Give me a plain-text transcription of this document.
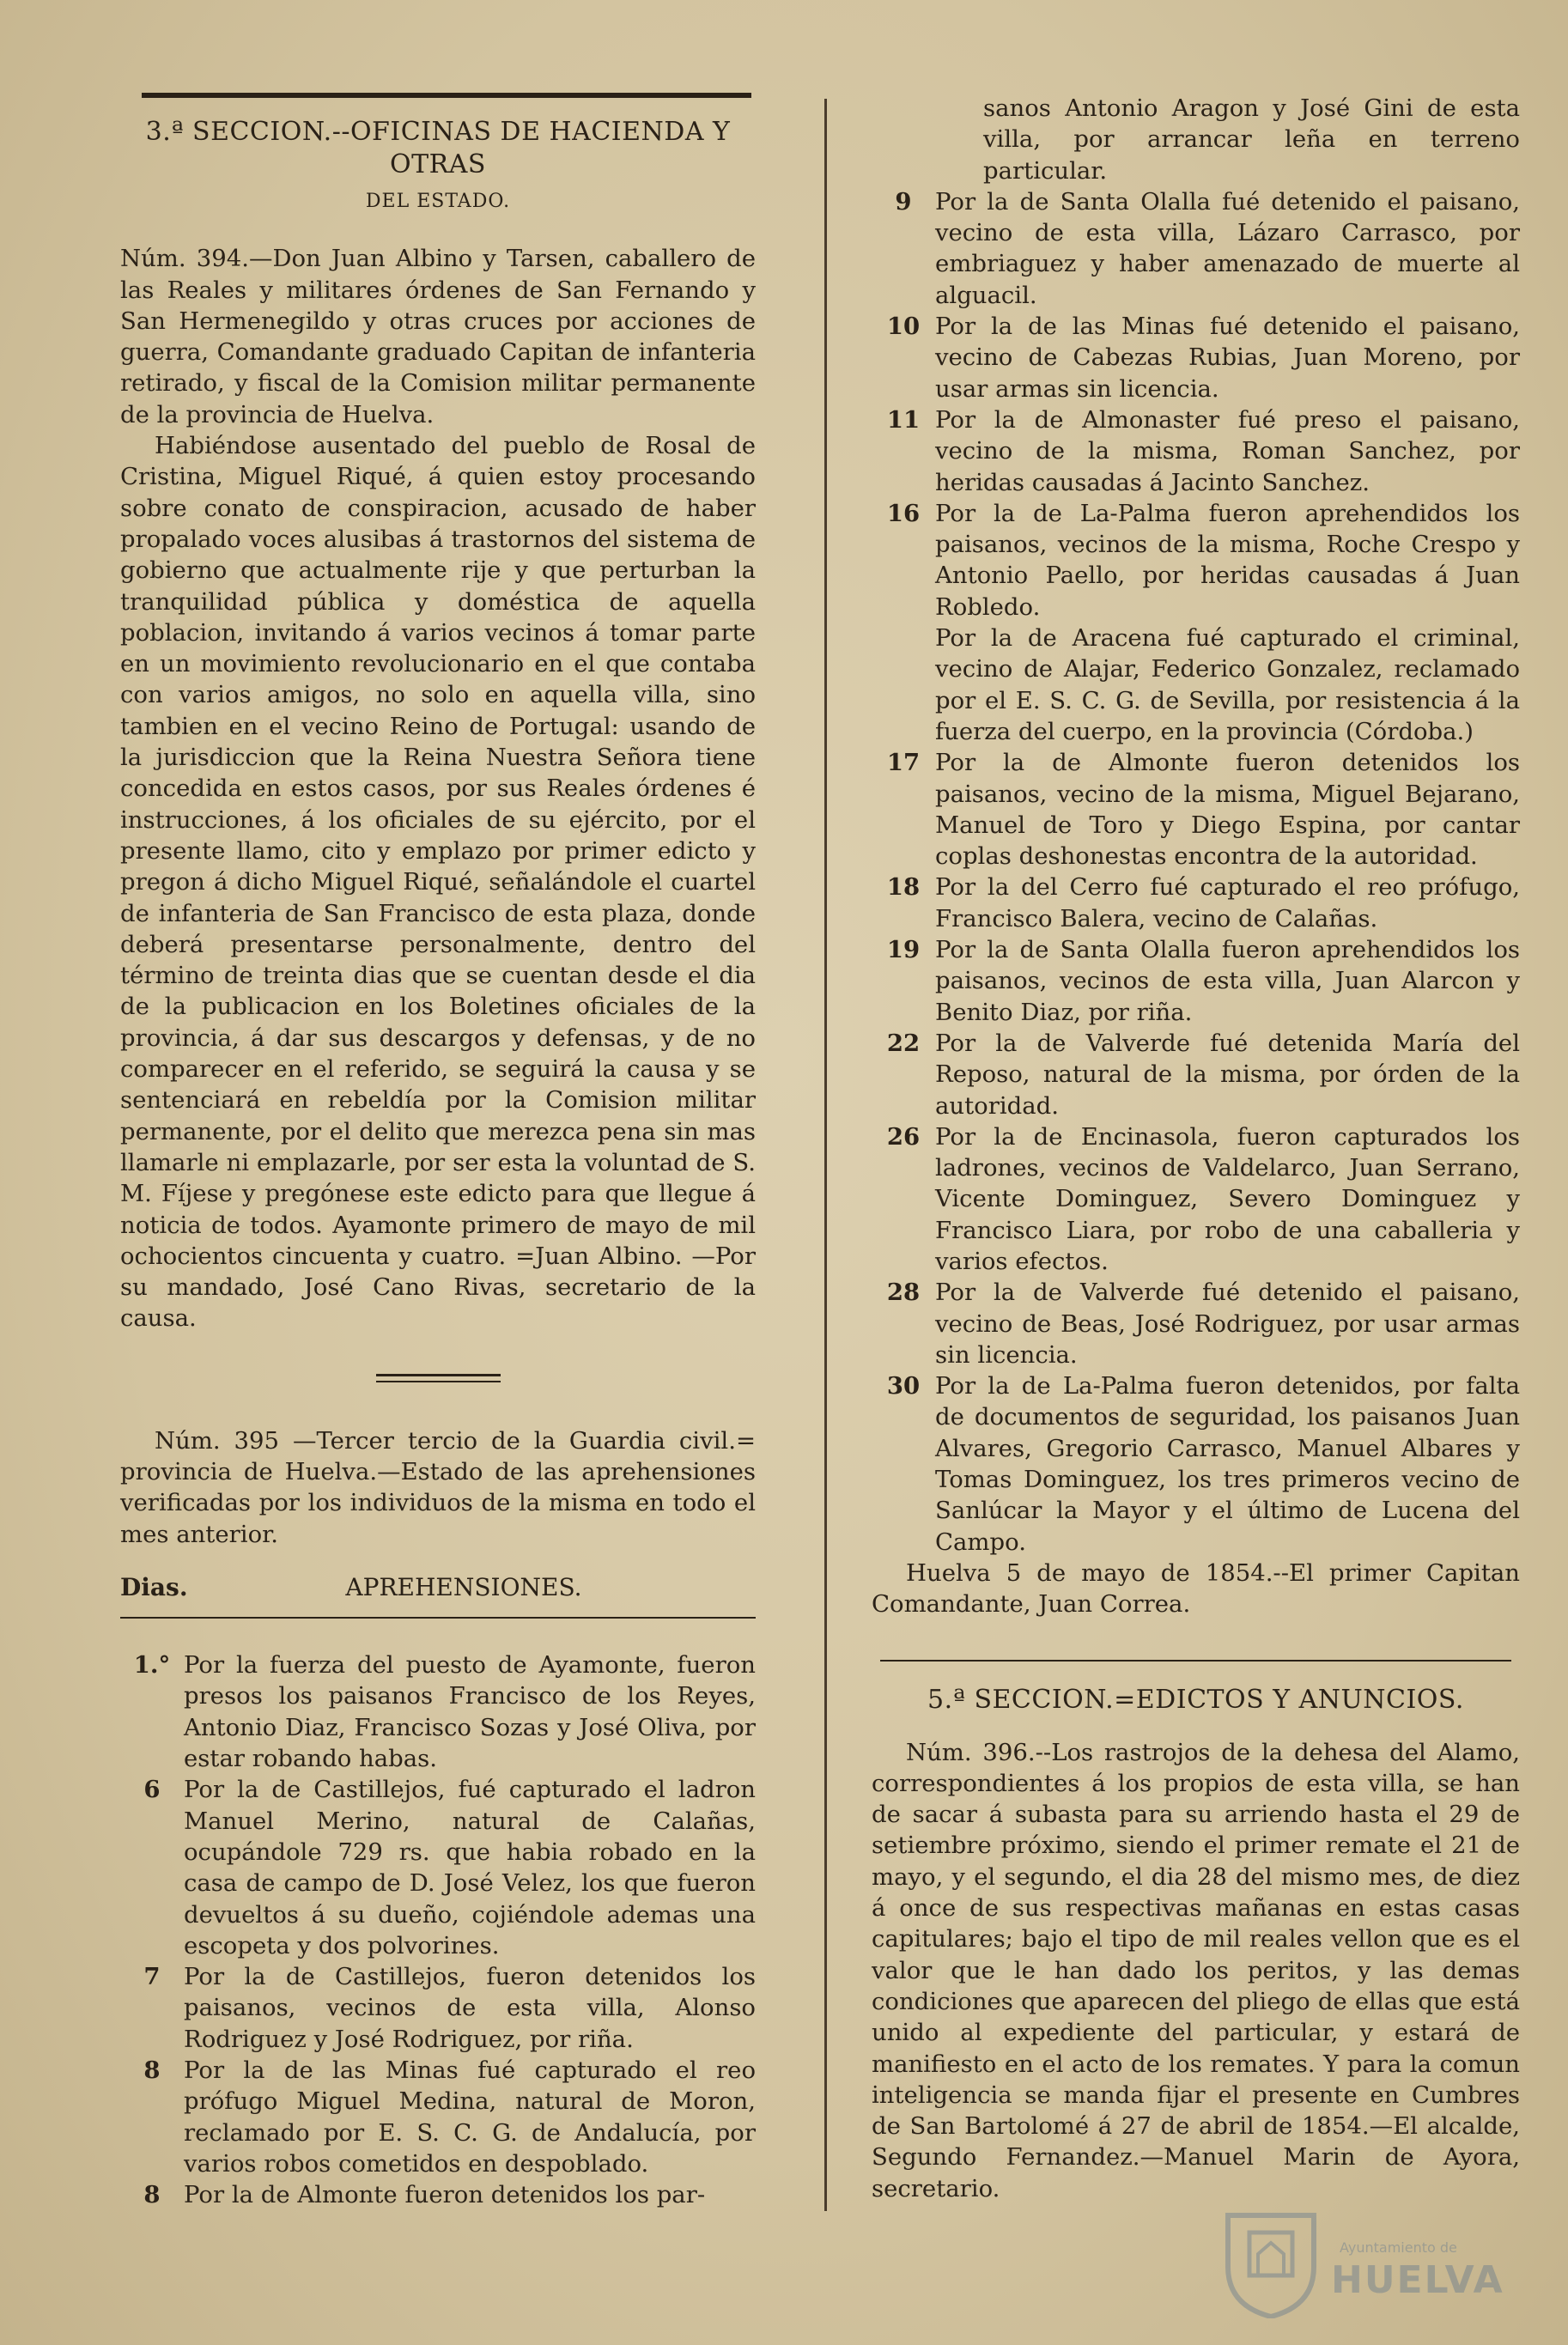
3.ª SECCION.--OFICINAS DE HACIENDA Y OTRAS
DEL ESTADO.

Núm. 394.—Don Juan Albino y Tarsen, caballero de las Reales y militares órdenes de San Fernando y San Hermenegildo y otras cruces por acciones de guerra, Comandante graduado Capitan de infanteria retirado, y fiscal de la Comision militar permanente de la provincia de Huelva.

Habiéndose ausentado del pueblo de Rosal de Cristina, Miguel Riqué, á quien estoy procesando sobre conato de conspiracion, acusado de haber propalado voces alusibas á trastornos del sistema de gobierno que actualmente rije y que perturban la tranquilidad pública y doméstica de aquella poblacion, invitando á varios vecinos á tomar parte en un movimiento revolucionario en el que contaba con varios amigos, no solo en aquella villa, sino tambien en el vecino Reino de Portugal: usando de la jurisdiccion que la Reina Nuestra Señora tiene concedida en estos casos, por sus Reales órdenes é instrucciones, á los oficiales de su ejército, por el presente llamo, cito y emplazo por primer edicto y pregon á dicho Miguel Riqué, señalándole el cuartel de infanteria de San Francisco de esta plaza, donde deberá presentarse personalmente, dentro del término de treinta dias que se cuentan desde el dia de la publicacion en los Boletines oficiales de la provincia, á dar sus descargos y defensas, y de no comparecer en el referido, se seguirá la causa y se sentenciará en rebeldía por la Comision militar permanente, por el delito que merezca pena sin mas llamarle ni emplazarle, por ser esta la voluntad de S. M. Fíjese y pregónese este edicto para que llegue á noticia de todos. Ayamonte primero de mayo de mil ochocientos cincuenta y cuatro. =Juan Albino. —Por su mandado, José Cano Rivas, secretario de la causa.

Núm. 395 —Tercer tercio de la Guardia civil.= provincia de Huelva.—Estado de las aprehensiones verificadas por los individuos de la misma en todo el mes anterior.

Dias.	APREHENSIONES.
1.° Por la fuerza del puesto de Ayamonte, fueron presos los paisanos Francisco de los Reyes, Antonio Diaz, Francisco Sozas y José Oliva, por estar robando habas.
6 Por la de Castillejos, fué capturado el ladron Manuel Merino, natural de Calañas, ocupándole 729 rs. que habia robado en la casa de campo de D. José Velez, los que fueron devueltos á su dueño, cojiéndole ademas una escopeta y dos polvorines.
7 Por la de Castillejos, fueron detenidos los paisanos, vecinos de esta villa, Alonso Rodriguez y José Rodriguez, por riña.
8 Por la de las Minas fué capturado el reo prófugo Miguel Medina, natural de Moron, reclamado por E. S. C. G. de Andalucía, por varios robos cometidos en despoblado.
8 Por la de Almonte fueron detenidos los par-

sanos Antonio Aragon y José Gini de esta villa, por arrancar leña en terreno particular.

9 Por la de Santa Olalla fué detenido el paisano, vecino de esta villa, Lázaro Carrasco, por embriaguez y haber amenazado de muerte al alguacil.
10 Por la de las Minas fué detenido el paisano, vecino de Cabezas Rubias, Juan Moreno, por usar armas sin licencia.
11 Por la de Almonaster fué preso el paisano, vecino de la misma, Roman Sanchez, por heridas causadas á Jacinto Sanchez.
16 Por la de La-Palma fueron aprehendidos los paisanos, vecinos de la misma, Roche Crespo y Antonio Paello, por heridas causadas á Juan Robledo.
Por la de Aracena fué capturado el criminal, vecino de Alajar, Federico Gonzalez, reclamado por el E. S. C. G. de Sevilla, por resistencia á la fuerza del cuerpo, en la provincia (Córdoba.)
17 Por la de Almonte fueron detenidos los paisanos, vecino de la misma, Miguel Bejarano, Manuel de Toro y Diego Espina, por cantar coplas deshonestas encontra de la autoridad.
18 Por la del Cerro fué capturado el reo prófugo, Francisco Balera, vecino de Calañas.
19 Por la de Santa Olalla fueron aprehendidos los paisanos, vecinos de esta villa, Juan Alarcon y Benito Diaz, por riña.
22 Por la de Valverde fué detenida María del Reposo, natural de la misma, por órden de la autoridad.
26 Por la de Encinasola, fueron capturados los ladrones, vecinos de Valdelarco, Juan Serrano, Vicente Dominguez, Severo Dominguez y Francisco Liara, por robo de una caballeria y varios efectos.
28 Por la de Valverde fué detenido el paisano, vecino de Beas, José Rodriguez, por usar armas sin licencia.
30 Por la de La-Palma fueron detenidos, por falta de documentos de seguridad, los paisanos Juan Alvares, Gregorio Carrasco, Manuel Albares y Tomas Dominguez, los tres primeros vecino de Sanlúcar la Mayor y el último de Lucena del Campo.

Huelva 5 de mayo de 1854.--El primer Capitan Comandante, Juan Correa.

5.ª SECCION.=EDICTOS Y ANUNCIOS.

Núm. 396.--Los rastrojos de la dehesa del Alamo, correspondientes á los propios de esta villa, se han de sacar á subasta para su arriendo hasta el 29 de setiembre próximo, siendo el primer remate el 21 de mayo, y el segundo, el dia 28 del mismo mes, de diez á once de sus respectivas mañanas en estas casas capitulares; bajo el tipo de mil reales vellon que es el valor que le han dado los peritos, y las demas condiciones que aparecen del pliego de ellas que está unido al expediente del particular, y estará de manifiesto en el acto de los remates. Y para la comun inteligencia se manda fijar el presente en Cumbres de San Bartolomé á 27 de abril de 1854.—El alcalde, Segundo Fernandez.—Manuel Marin de Ayora, secretario.

Ayuntamiento de
HUELVA
